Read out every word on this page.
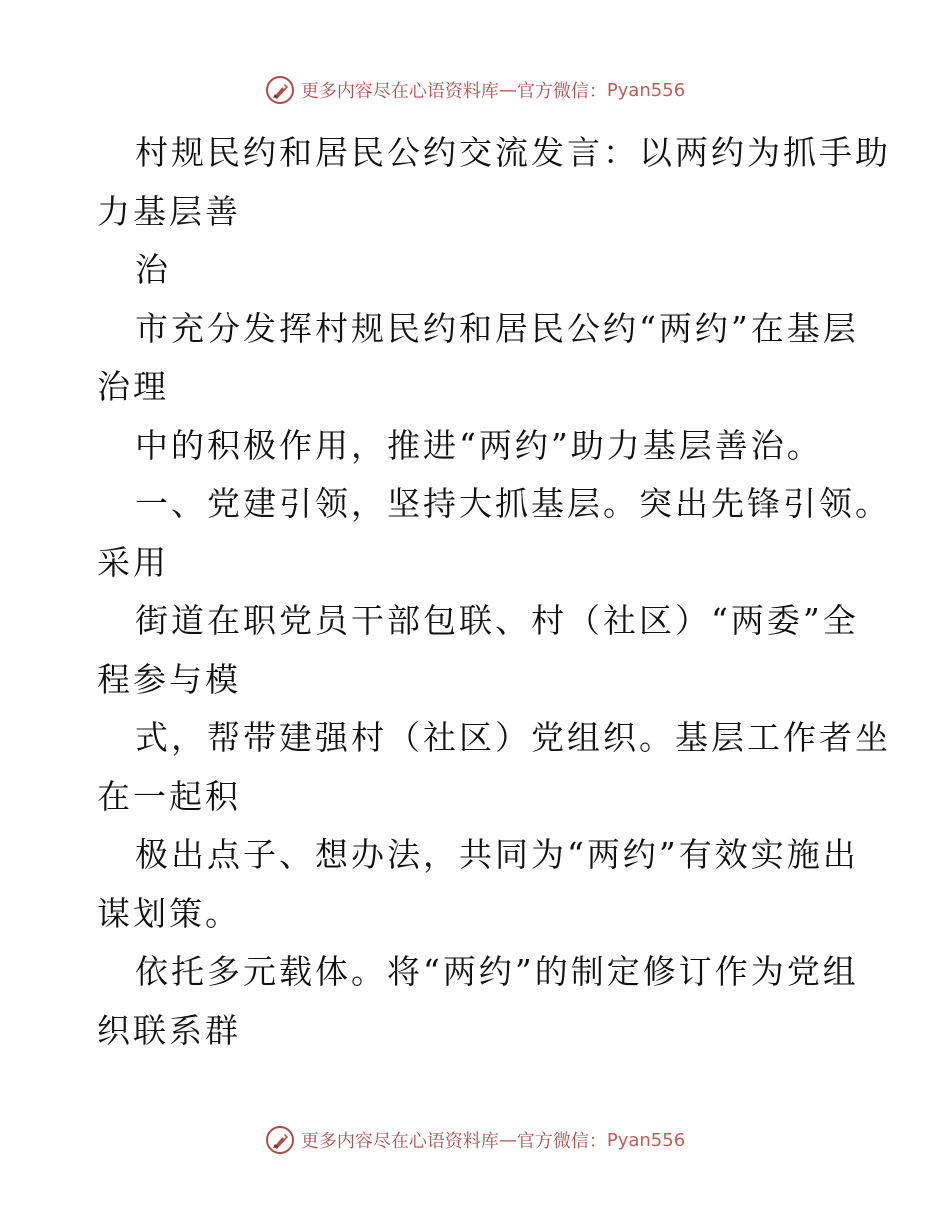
更多内容尽在心语资料库 — 官方微信： Pyan556
村规民约和居民公约交流发言：以两约为抓手助
力基层善
治
市充分发挥村规民约和居民公约“两约”在基层
治理
中的积极作用，推进“两约”助力基层善治。
一、党建引领，坚持大抓基层。突出先锋引领。
采用
街道在职党员干部包联、村（社区）“两委”全
程参与模
式，帮带建强村（社区）党组织。基层工作者坐
在一起积
极出点子、想办法，共同为“两约”有效实施出
谋划策。
依托多元载体。将“两约”的制定修订作为党组
织联系群
更多内容尽在心语资料库 — 官方微信： Pyan556
